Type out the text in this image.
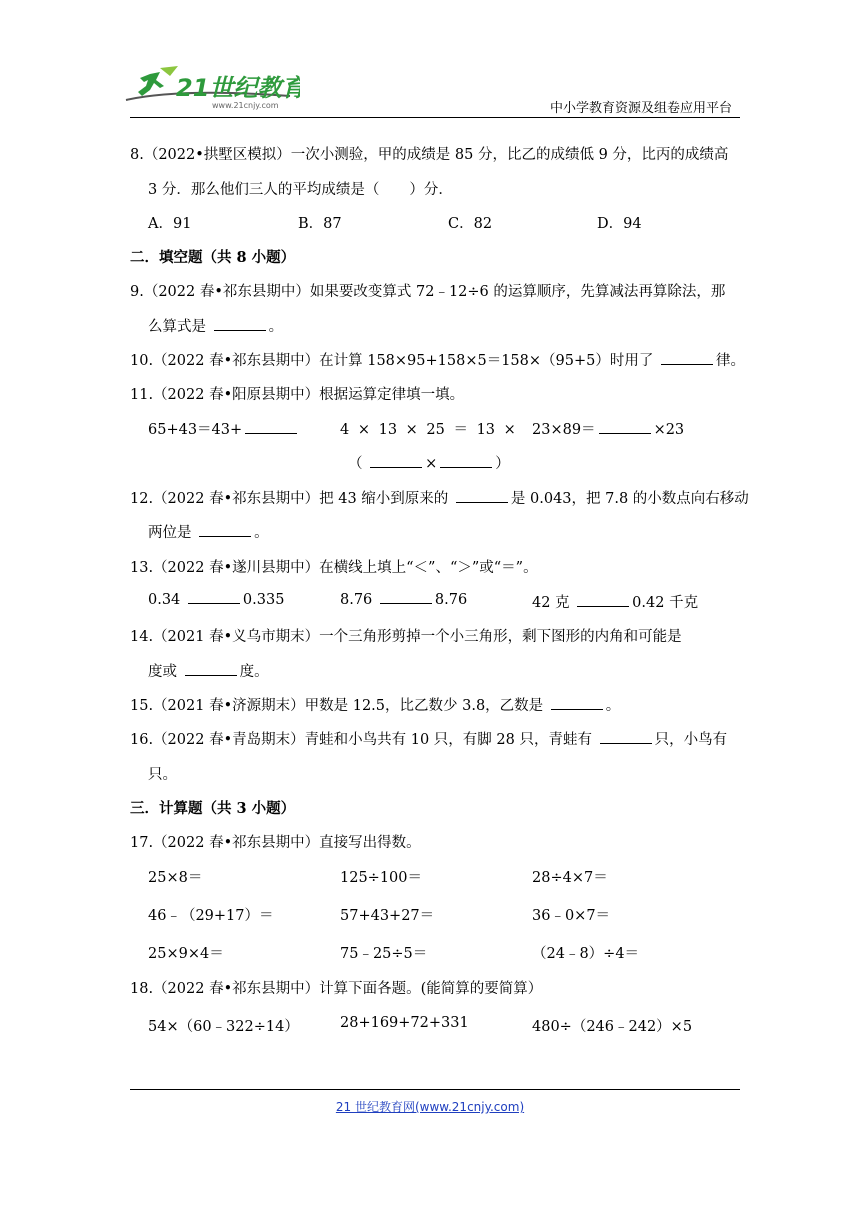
21世纪教育
www.21cnjy.com	中小学教育资源及组卷应用平台
8.（2022•拱墅区模拟）一次小测验，甲的成绩是 85 分，比乙的成绩低 9 分，比丙的成绩高
3 分．那么他们三人的平均成绩是（ ）分．
A．91	B．87	C．82	D．94
二．填空题（共 8 小题）
9.（2022 春•祁东县期中）如果要改变算式 72﹣12÷6 的运算顺序，先算减法再算除法，那
么算式是	。
10.（2022 春•祁东县期中）在计算 158×95+158×5＝158×（95+5）时用了	律。
11.（2022 春•阳原县期中）根据运算定律填一填。
65+43＝43+	4 × 13 × 25 ＝ 13 × 23×89＝	×23
（	×	）
12.（2022 春•祁东县期中）把 43 缩小到原来的	是 0.043，把 7.8 的小数点向右移动
两位是	。
13.（2022 春•遂川县期中）在横线上填上“＜”、“＞”或“＝”。
0.34	0.335	8.76	8.76	42 克	0.42 千克
14.（2021 春•义乌市期末）一个三角形剪掉一个小三角形，剩下图形的内角和可能是
度或	度。
15.（2021 春•济源期末）甲数是 12.5，比乙数少 3.8，乙数是	。
16.（2022 春•青岛期末）青蛙和小鸟共有 10 只，有脚 28 只，青蛙有	只，小鸟有
只。
三．计算题（共 3 小题）
17.（2022 春•祁东县期中）直接写出得数。
25×8＝	125÷100＝	28÷4×7＝
46﹣（29+17）＝	57+43+27＝	36﹣0×7＝
25×9×4＝	75﹣25÷5＝	（24﹣8）÷4＝
18.（2022 春•祁东县期中）计算下面各题。(能简算的要简算）
54×（60﹣322÷14）	28+169+72+331	480÷（246﹣242）×5
21 世纪教育网(www.21cnjy.com)
